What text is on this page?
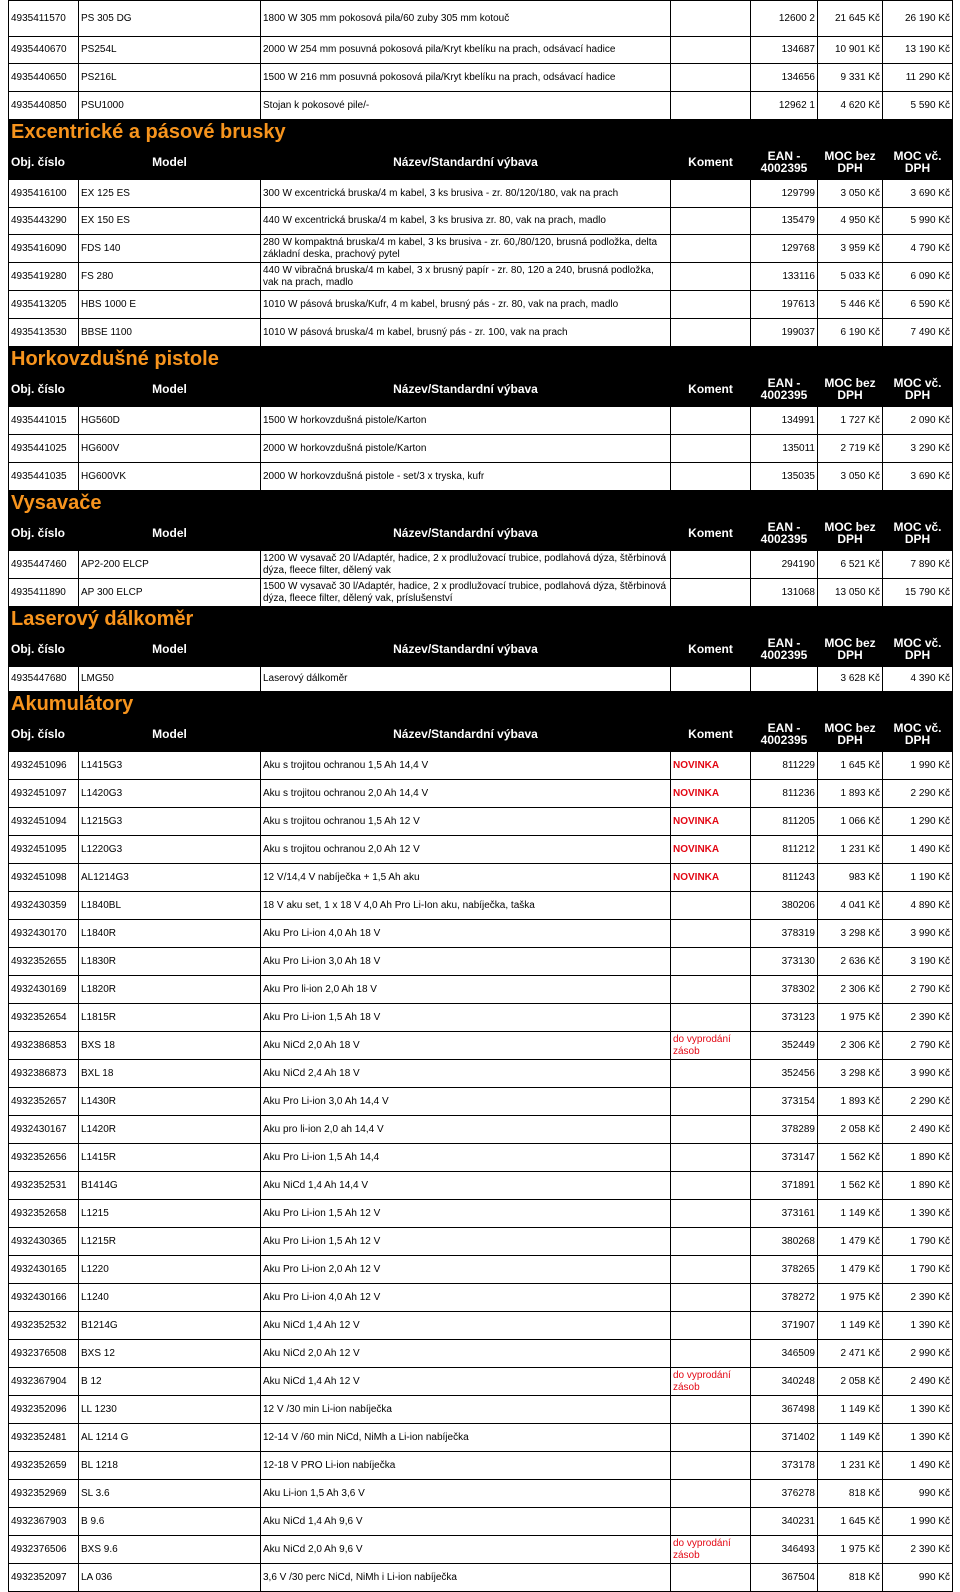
4935411570	PS 305 DG	1800 W 305 mm pokosová pila/60 zuby 305 mm kotouč		12600 2	21 645 Kč	26 190 Kč
4935440670	PS254L	2000 W 254 mm posuvná pokosová pila/Kryt kbelíku na prach, odsávací hadice		134687	10 901 Kč	13 190 Kč
4935440650	PS216L	1500 W 216 mm posuvná pokosová pila/Kryt kbelíku na prach, odsávací hadice		134656	9 331 Kč	11 290 Kč
4935440850	PSU1000	Stojan k pokosové pile/-		12962 1	4 620 Kč	5 590 Kč
Excentrické a pásové brusky						
Obj. číslo	Model	Název/Standardní výbava	Koment	EAN - 4002395	MOC bez DPH	MOC vč. DPH
4935416100	EX 125 ES	300 W excentrická bruska/4 m kabel, 3 ks brusiva - zr. 80/120/180, vak na prach		129799	3 050 Kč	3 690 Kč
4935443290	EX 150 ES	440 W excentrická bruska/4 m kabel, 3 ks brusiva zr. 80, vak na prach, madlo		135479	4 950 Kč	5 990 Kč
4935416090	FDS 140	280 W kompaktná bruska/4 m kabel, 3 ks brusiva - zr. 60,/80/120, brusná podložka, delta základní deska, prachový pytel		129768	3 959 Kč	4 790 Kč
4935419280	FS 280	440 W vibračná bruska/4 m kabel, 3 x brusný papír - zr. 80, 120 a 240, brusná podložka, vak na prach, madlo		133116	5 033 Kč	6 090 Kč
4935413205	HBS 1000 E	1010 W pásová bruska/Kufr, 4 m kabel, brusný pás - zr. 80, vak na prach, madlo		197613	5 446 Kč	6 590 Kč
4935413530	BBSE 1100	1010 W pásová bruska/4 m kabel, brusný pás - zr. 100, vak na prach		199037	6 190 Kč	7 490 Kč
Horkovzdušné pistole						
Obj. číslo	Model	Název/Standardní výbava	Koment	EAN - 4002395	MOC bez DPH	MOC vč. DPH
4935441015	HG560D	1500 W horkovzdušná pistole/Karton		134991	1 727 Kč	2 090 Kč
4935441025	HG600V	2000 W horkovzdušná pistole/Karton		135011	2 719 Kč	3 290 Kč
4935441035	HG600VK	2000 W horkovzdušná pistole - set/3 x tryska, kufr		135035	3 050 Kč	3 690 Kč
Vysavače						
Obj. číslo	Model	Název/Standardní výbava	Koment	EAN - 4002395	MOC bez DPH	MOC vč. DPH
4935447460	AP2-200 ELCP	1200 W vysavač 20 l/Adaptér, hadice, 2 x prodlužovací trubice, podlahová dýza, štěrbinová dýza, fleece filter, dělený vak		294190	6 521 Kč	7 890 Kč
4935411890	AP 300 ELCP	1500 W vysavač 30 l/Adaptér, hadice, 2 x prodlužovací trubice, podlahová dýza, štěrbinová dýza, fleece filter, dělený vak, príslušenství		131068	13 050 Kč	15 790 Kč
Laserový dálkoměr						
Obj. číslo	Model	Název/Standardní výbava	Koment	EAN - 4002395	MOC bez DPH	MOC vč. DPH
4935447680	LMG50	Laserový dálkoměr			3 628 Kč	4 390 Kč
Akumulátory						
Obj. číslo	Model	Název/Standardní výbava	Koment	EAN - 4002395	MOC bez DPH	MOC vč. DPH
4932451096	L1415G3	Aku s trojitou ochranou 1,5 Ah 14,4 V	NOVINKA	811229	1 645 Kč	1 990 Kč
4932451097	L1420G3	Aku s trojitou ochranou 2,0 Ah 14,4 V	NOVINKA	811236	1 893 Kč	2 290 Kč
4932451094	L1215G3	Aku s trojitou ochranou 1,5 Ah 12 V	NOVINKA	811205	1 066 Kč	1 290 Kč
4932451095	L1220G3	Aku s trojitou ochranou 2,0 Ah 12 V	NOVINKA	811212	1 231 Kč	1 490 Kč
4932451098	AL1214G3	12 V/14,4 V nabíječka + 1,5 Ah aku	NOVINKA	811243	983 Kč	1 190 Kč
4932430359	L1840BL	18 V aku set, 1 x 18 V 4,0 Ah Pro Li-Ion aku, nabíječka, taška		380206	4 041 Kč	4 890 Kč
4932430170	L1840R	Aku Pro Li-ion 4,0 Ah 18 V		378319	3 298 Kč	3 990 Kč
4932352655	L1830R	Aku Pro Li-ion 3,0 Ah 18 V		373130	2 636 Kč	3 190 Kč
4932430169	L1820R	Aku Pro li-ion 2,0 Ah 18 V		378302	2 306 Kč	2 790 Kč
4932352654	L1815R	Aku Pro Li-ion 1,5 Ah 18 V		373123	1 975 Kč	2 390 Kč
4932386853	BXS 18	Aku NiCd 2,0 Ah 18 V	do vyprodání zásob	352449	2 306 Kč	2 790 Kč
4932386873	BXL 18	Aku NiCd 2,4 Ah 18 V		352456	3 298 Kč	3 990 Kč
4932352657	L1430R	Aku Pro Li-ion 3,0 Ah 14,4 V		373154	1 893 Kč	2 290 Kč
4932430167	L1420R	Aku pro li-ion 2,0 ah 14,4 V		378289	2 058 Kč	2 490 Kč
4932352656	L1415R	Aku Pro Li-ion 1,5 Ah 14,4		373147	1 562 Kč	1 890 Kč
4932352531	B1414G	Aku NiCd 1,4 Ah 14,4 V		371891	1 562 Kč	1 890 Kč
4932352658	L1215	Aku Pro Li-ion 1,5 Ah 12 V		373161	1 149 Kč	1 390 Kč
4932430365	L1215R	Aku Pro Li-ion 1,5 Ah 12 V		380268	1 479 Kč	1 790 Kč
4932430165	L1220	Aku Pro Li-ion 2,0 Ah 12 V		378265	1 479 Kč	1 790 Kč
4932430166	L1240	Aku Pro Li-ion 4,0 Ah 12 V		378272	1 975 Kč	2 390 Kč
4932352532	B1214G	Aku NiCd 1,4 Ah 12 V		371907	1 149 Kč	1 390 Kč
4932376508	BXS 12	Aku NiCd 2,0 Ah 12 V		346509	2 471 Kč	2 990 Kč
4932367904	B 12	Aku NiCd 1,4 Ah 12 V	do vyprodání zásob	340248	2 058 Kč	2 490 Kč
4932352096	LL 1230	12 V /30 min Li-ion nabíječka		367498	1 149 Kč	1 390 Kč
4932352481	AL 1214 G	12-14 V /60 min NiCd, NiMh a Li-ion nabíječka		371402	1 149 Kč	1 390 Kč
4932352659	BL 1218	12-18 V PRO Li-ion nabíječka		373178	1 231 Kč	1 490 Kč
4932352969	SL 3.6	Aku Li-ion 1,5 Ah 3,6 V		376278	818 Kč	990 Kč
4932367903	B 9.6	Aku NiCd 1,4 Ah 9,6 V		340231	1 645 Kč	1 990 Kč
4932376506	BXS 9.6	Aku NiCd 2,0 Ah 9,6 V	do vyprodání zásob	346493	1 975 Kč	2 390 Kč
4932352097	LA 036	3,6 V /30 perc NiCd, NiMh i Li-ion nabíječka		367504	818 Kč	990 Kč
